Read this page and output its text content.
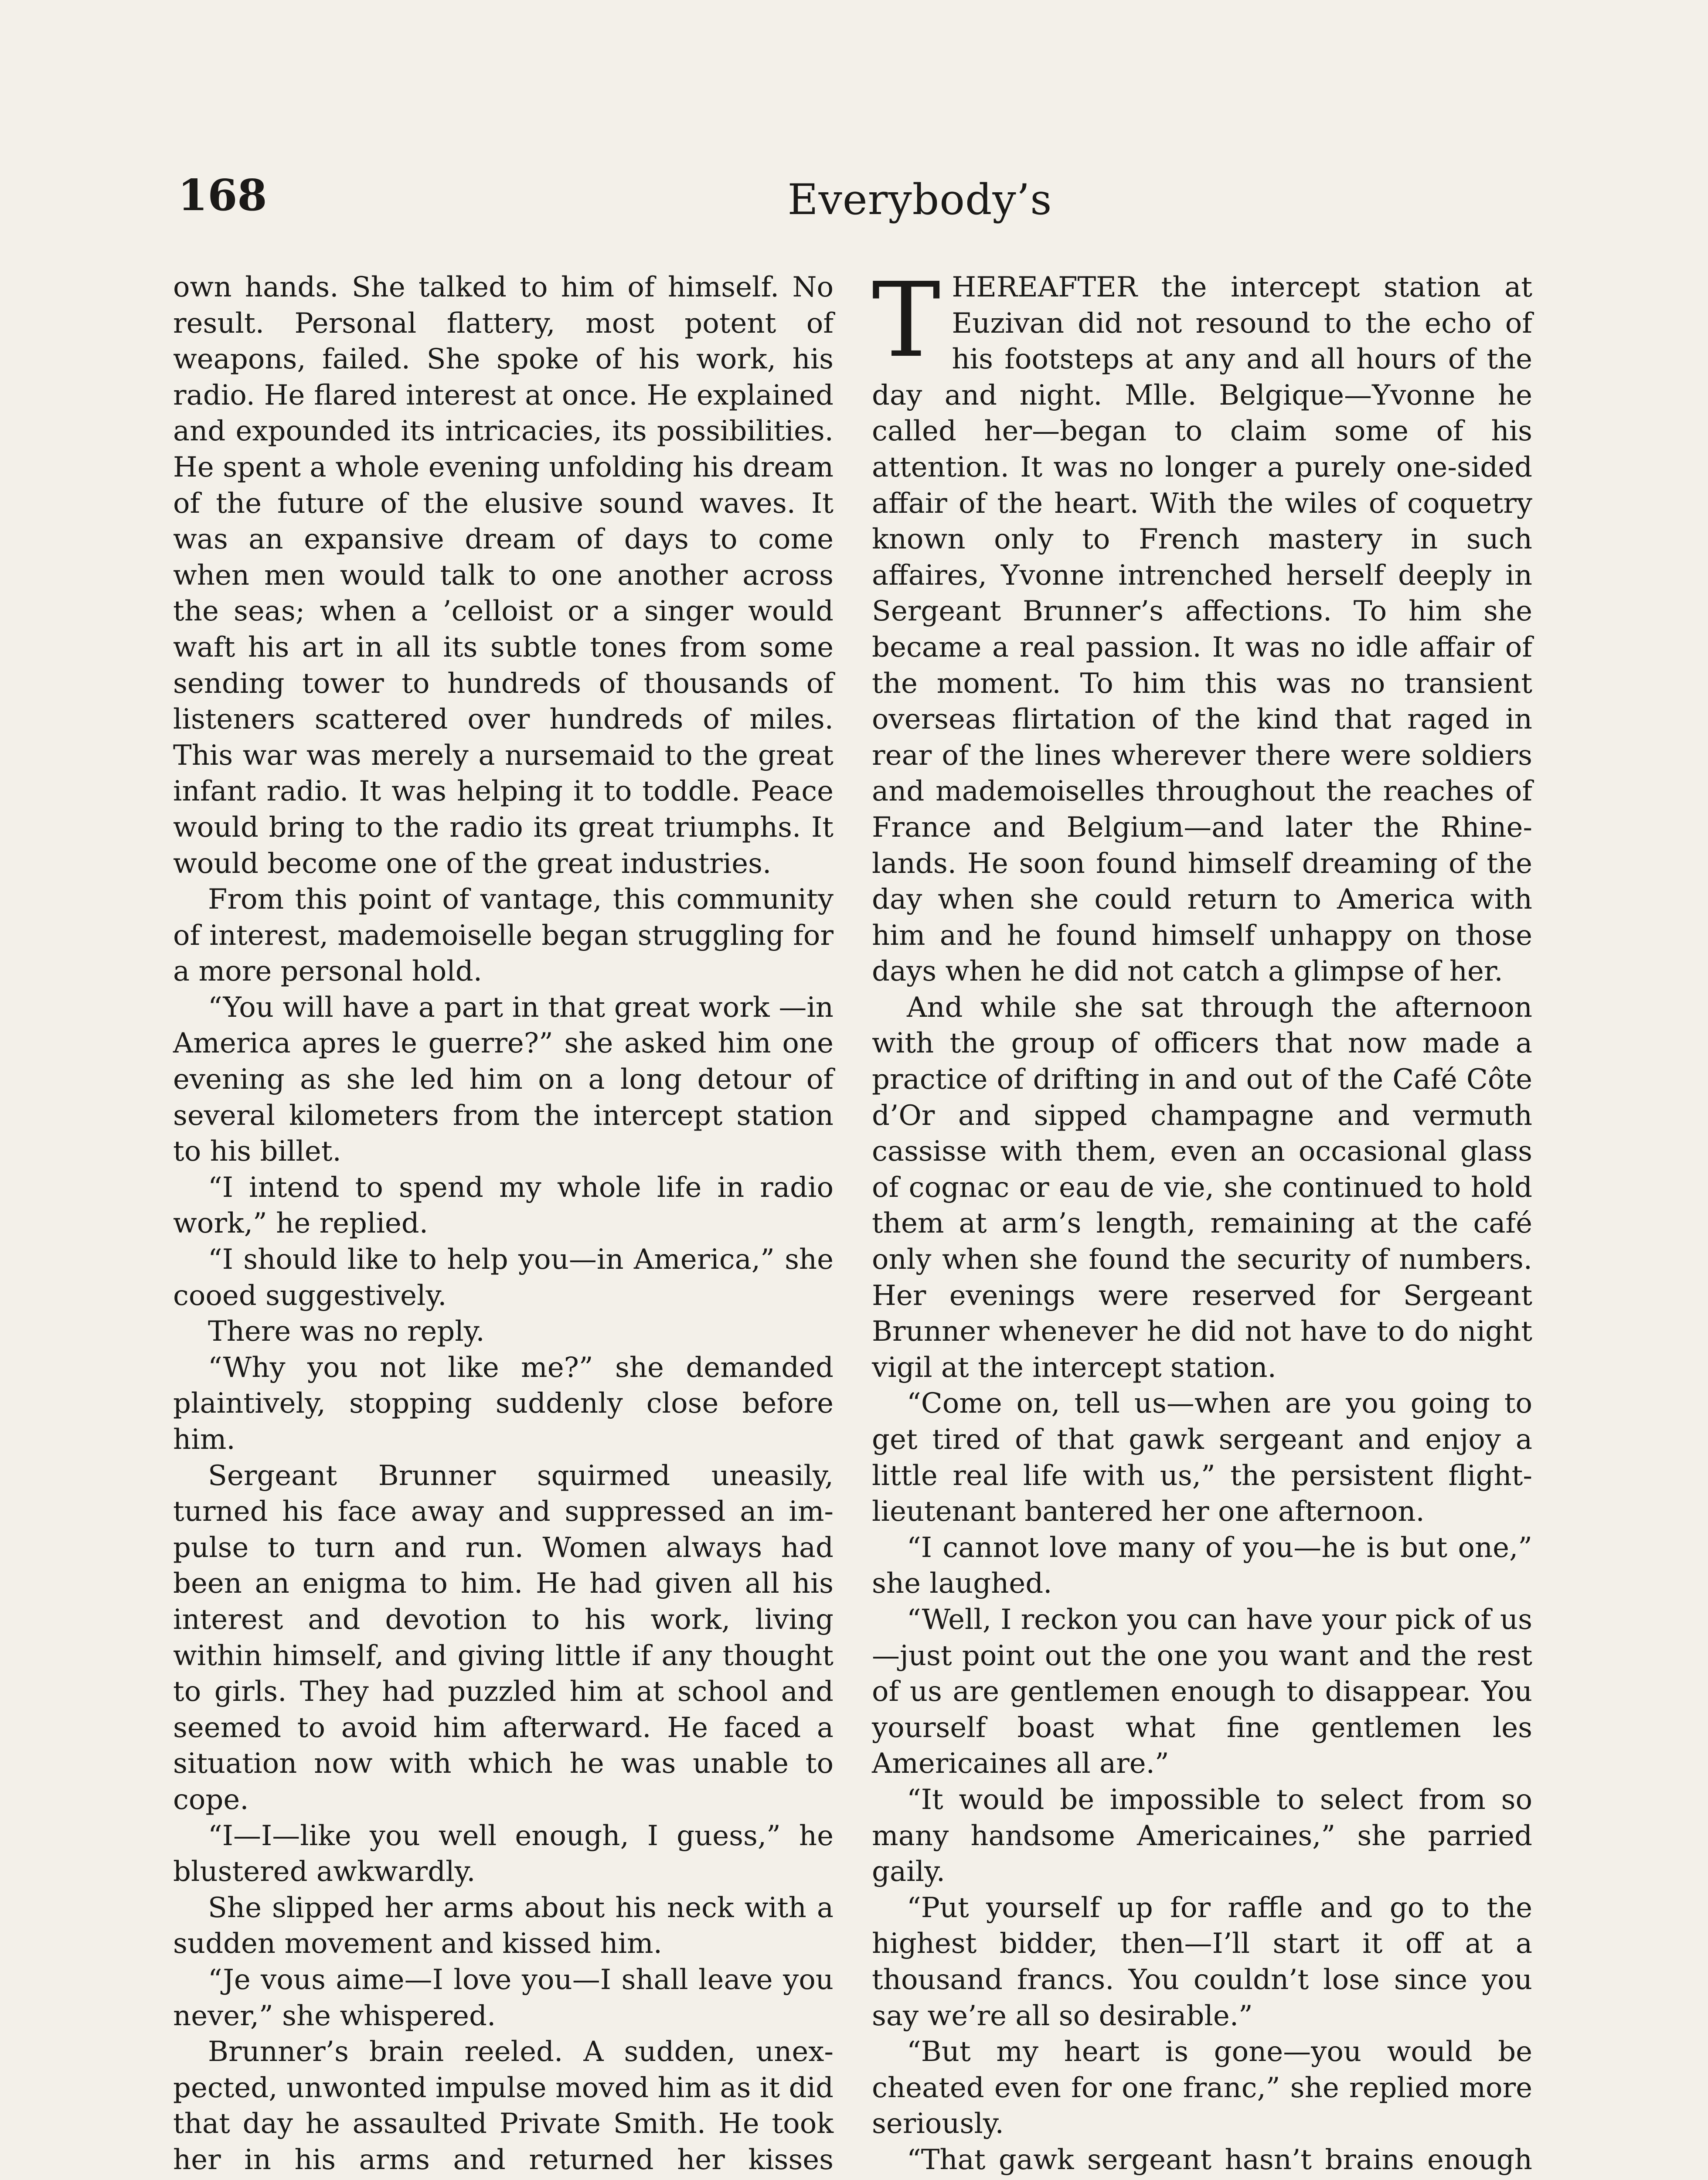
168	Everybody’s

own hands. She talked to him of himself. No result. Personal flattery, most potent of weapons, failed. She spoke of his work, his radio. He flared interest at once. He explained and expounded its intricacies, its possibilities. He spent a whole evening unfolding his dream of the future of the elusive sound waves. It was an expansive dream of days to come when men would talk to one another across the seas; when a ’celloist or a singer would waft his art in all its subtle tones from some sending tower to hundreds of thousands of listeners scattered over hundreds of miles. This war was merely a nursemaid to the great infant radio. It was helping it to toddle. Peace would bring to the radio its great triumphs. It would become one of the great industries.

From this point of vantage, this community of interest, mademoiselle began struggling for a more personal hold.

“You will have a part in that great work —in America apres le guerre?” she asked him one evening as she led him on a long detour of several kilometers from the intercept station to his billet.

“I intend to spend my whole life in radio work,” he replied.

“I should like to help you—in America,” she cooed suggestively.

There was no reply.

“Why you not like me?” she demanded plaintively, stopping suddenly close before him.

Sergeant Brunner squirmed uneasily, turned his face away and suppressed an impulse to turn and run. Women always had been an enigma to him. He had given all his interest and devotion to his work, living within himself, and giving little if any thought to girls. They had puzzled him at school and seemed to avoid him afterward. He faced a situation now with which he was unable to cope.

“I—I—like you well enough, I guess,” he blustered awkwardly.

She slipped her arms about his neck with a sudden movement and kissed him.

“Je vous aime—I love you—I shall leave you never,” she whispered.

Brunner’s brain reeled. A sudden, unexpected, unwonted impulse moved him as it did that day he assaulted Private Smith. He took her in his arms and returned her kisses

THEREAFTER the intercept station at Euzivan did not resound to the echo of his footsteps at any and all hours of the day and night. Mlle. Belgique—Yvonne he called her—began to claim some of his attention. It was no longer a purely one-sided affair of the heart. With the wiles of coquetry known only to French mastery in such affaires, Yvonne intrenched herself deeply in Sergeant Brunner’s affections. To him she became a real passion. It was no idle affair of the moment. To him this was no transient overseas flirtation of the kind that raged in rear of the lines wherever there were soldiers and mademoiselles throughout the reaches of France and Belgium—and later the Rhinelands. He soon found himself dreaming of the day when she could return to America with him and he found himself unhappy on those days when he did not catch a glimpse of her.

And while she sat through the afternoon with the group of officers that now made a practice of drifting in and out of the Café Côte d’Or and sipped champagne and vermuth cassisse with them, even an occasional glass of cognac or eau de vie, she continued to hold them at arm’s length, remaining at the café only when she found the security of numbers. Her evenings were reserved for Sergeant Brunner whenever he did not have to do night vigil at the intercept station.

“Come on, tell us—when are you going to get tired of that gawk sergeant and enjoy a little real life with us,” the persistent flight-lieutenant bantered her one afternoon.

“I cannot love many of you—he is but one,” she laughed.

“Well, I reckon you can have your pick of us—just point out the one you want and the rest of us are gentlemen enough to disappear. You yourself boast what fine gentlemen les Americaines all are.”

“It would be impossible to select from so many handsome Americaines,” she parried gaily.

“Put yourself up for raffle and go to the highest bidder, then—I’ll start it off at a thousand francs. You couldn’t lose since you say we’re all so desirable.”

“But my heart is gone—you would be cheated even for one franc,” she replied more seriously.

“That gawk sergeant hasn’t brains enough
